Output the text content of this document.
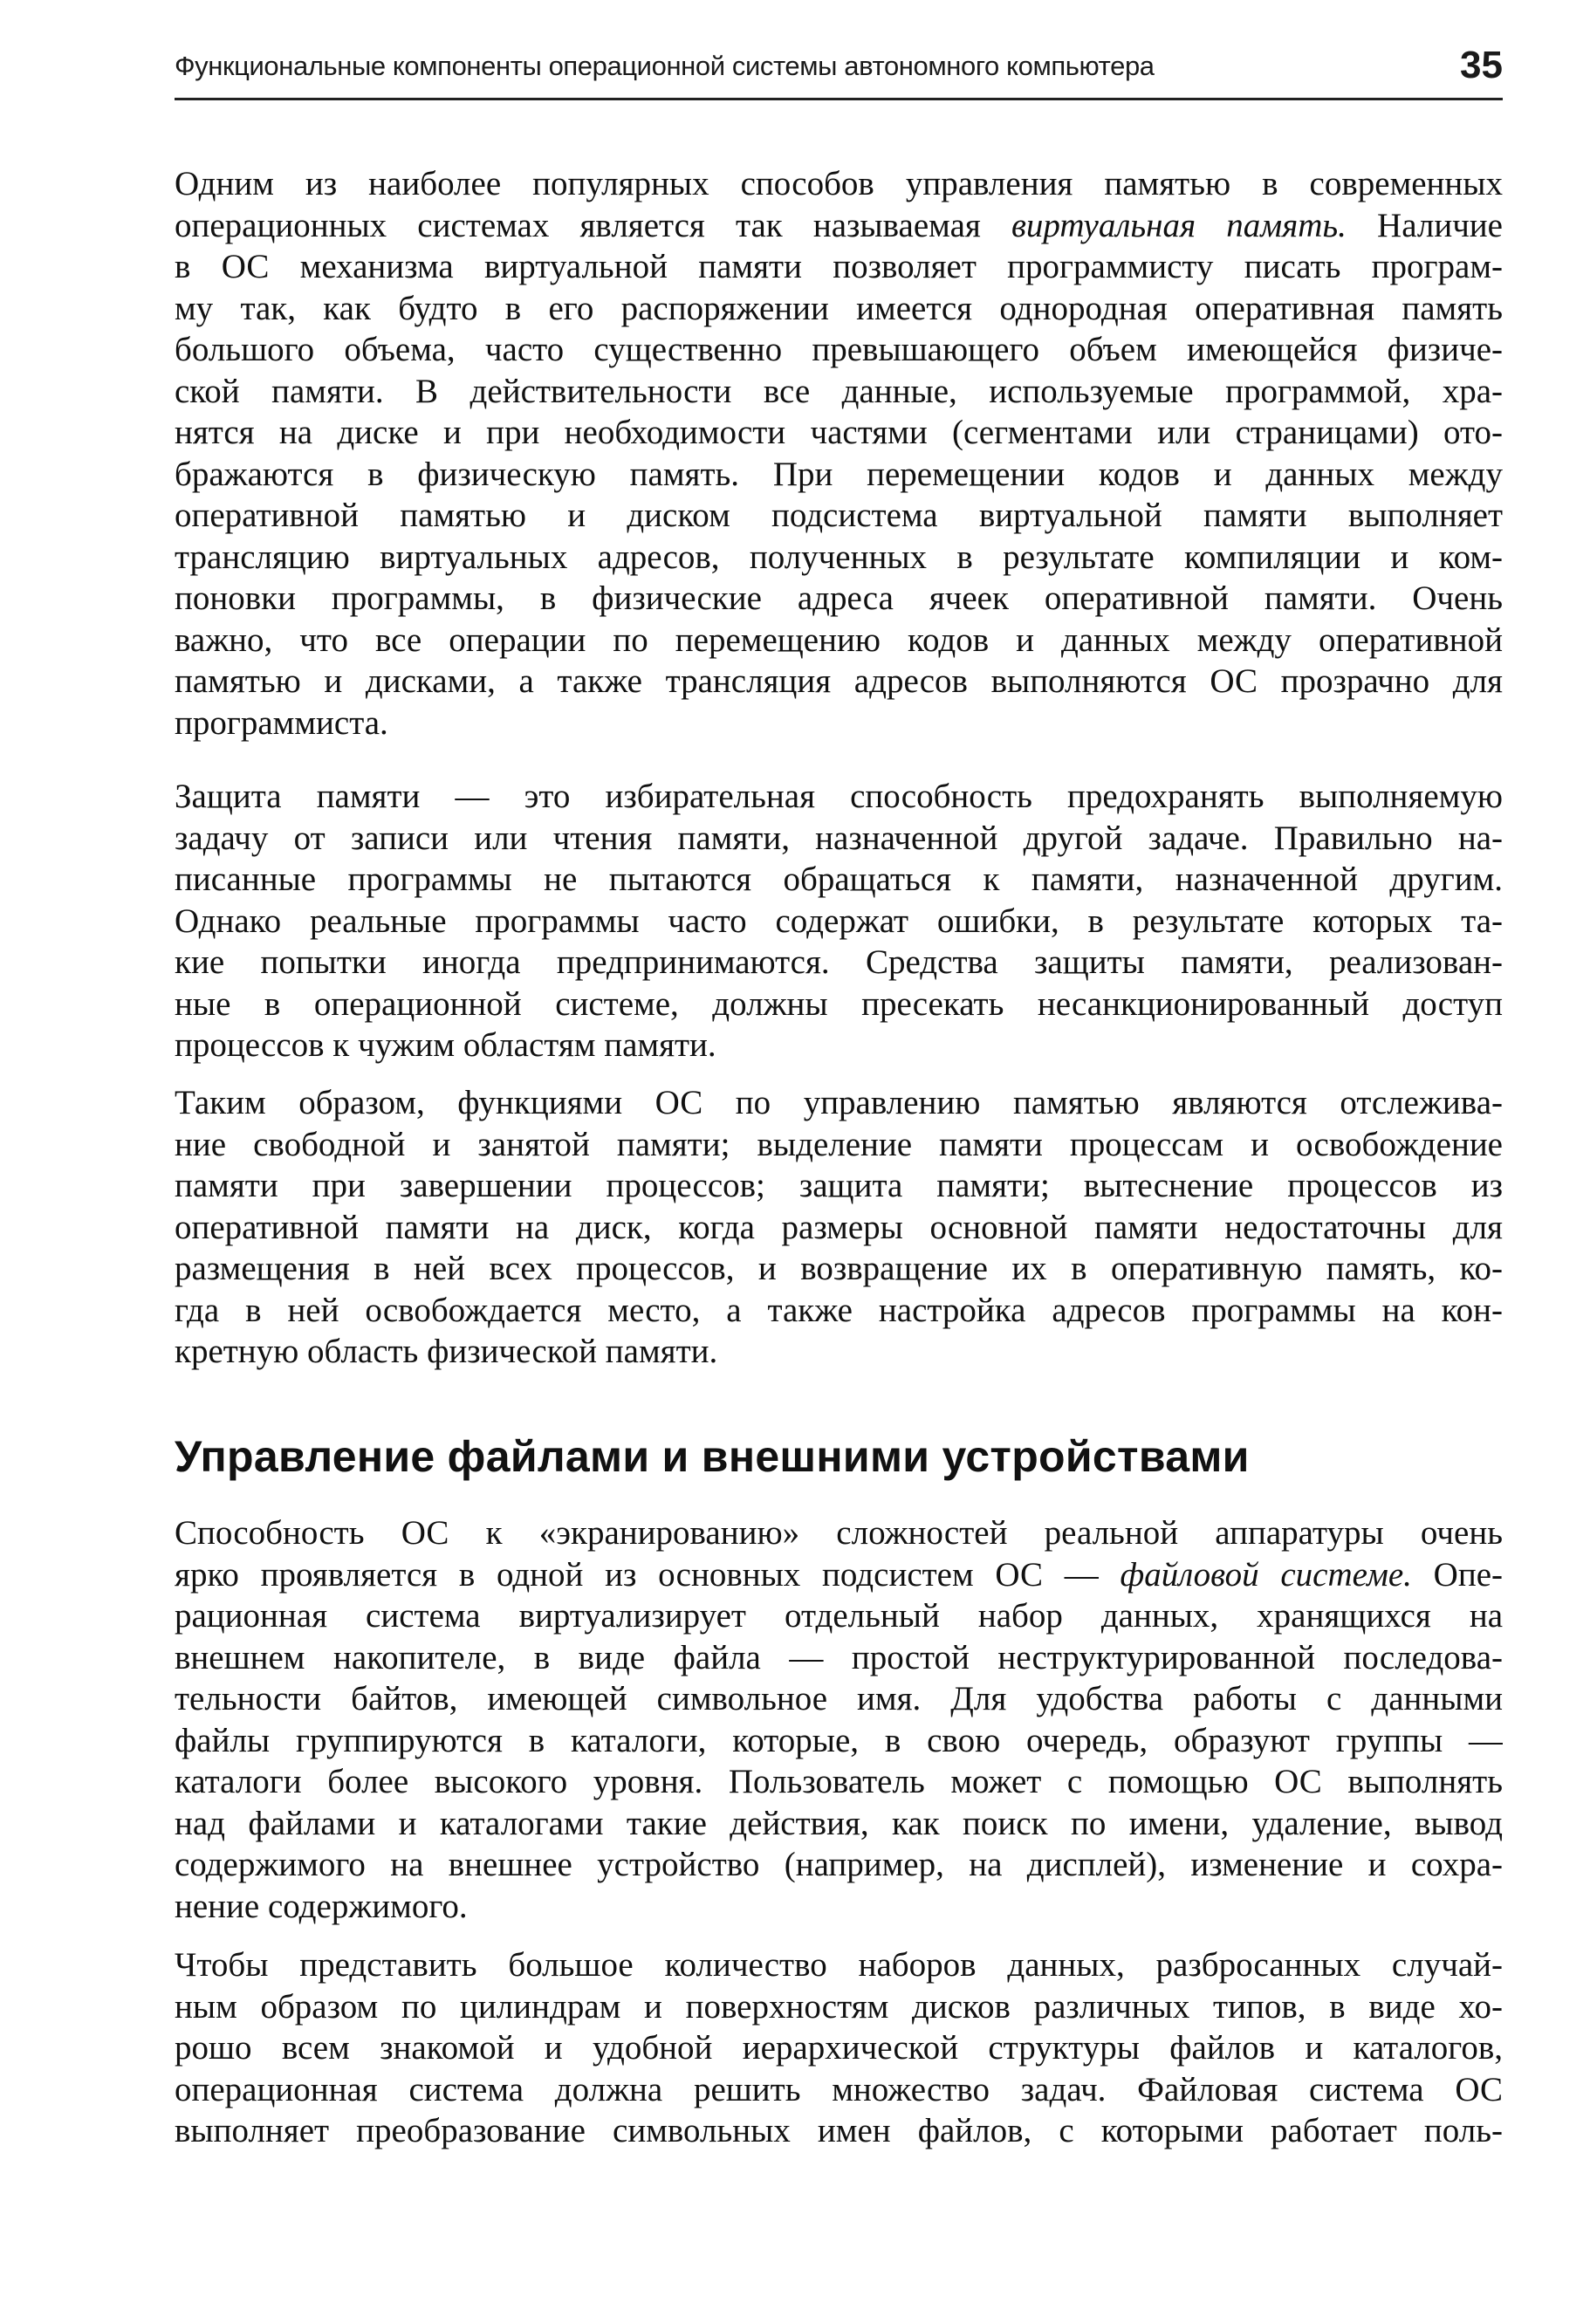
Функциональные компоненты операционной системы автономного компьютера	35
Одним из наиболее популярных способов управления памятью в современных
операционных системах является так называемая виртуальная память. Наличие
в ОС механизма виртуальной памяти позволяет программисту писать програм-
му так, как будто в его распоряжении имеется однородная оперативная память
большого объема, часто существенно превышающего объем имеющейся физиче-
ской памяти. В действительности все данные, используемые программой, хра-
нятся на диске и при необходимости частями (сегментами или страницами) ото-
бражаются в физическую память. При перемещении кодов и данных между
оперативной памятью и диском подсистема виртуальной памяти выполняет
трансляцию виртуальных адресов, полученных в результате компиляции и ком-
поновки программы, в физические адреса ячеек оперативной памяти. Очень
важно, что все операции по перемещению кодов и данных между оперативной
памятью и дисками, а также трансляция адресов выполняются ОС прозрачно для
программиста.
Защита памяти — это избирательная способность предохранять выполняемую
задачу от записи или чтения памяти, назначенной другой задаче. Правильно на-
писанные программы не пытаются обращаться к памяти, назначенной другим.
Однако реальные программы часто содержат ошибки, в результате которых та-
кие попытки иногда предпринимаются. Средства защиты памяти, реализован-
ные в операционной системе, должны пресекать несанкционированный доступ
процессов к чужим областям памяти.
Таким образом, функциями ОС по управлению памятью являются отслежива-
ние свободной и занятой памяти; выделение памяти процессам и освобождение
памяти при завершении процессов; защита памяти; вытеснение процессов из
оперативной памяти на диск, когда размеры основной памяти недостаточны для
размещения в ней всех процессов, и возвращение их в оперативную память, ко-
гда в ней освобождается место, а также настройка адресов программы на кон-
кретную область физической памяти.
Управление файлами и внешними устройствами
Способность ОС к «экранированию» сложностей реальной аппаратуры очень
ярко проявляется в одной из основных подсистем ОС — файловой системе. Опе-
рационная система виртуализирует отдельный набор данных, хранящихся на
внешнем накопителе, в виде файла — простой неструктурированной последова-
тельности байтов, имеющей символьное имя. Для удобства работы с данными
файлы группируются в каталоги, которые, в свою очередь, образуют группы —
каталоги более высокого уровня. Пользователь может с помощью ОС выполнять
над файлами и каталогами такие действия, как поиск по имени, удаление, вывод
содержимого на внешнее устройство (например, на дисплей), изменение и сохра-
нение содержимого.
Чтобы представить большое количество наборов данных, разбросанных случай-
ным образом по цилиндрам и поверхностям дисков различных типов, в виде хо-
рошо всем знакомой и удобной иерархической структуры файлов и каталогов,
операционная система должна решить множество задач. Файловая система ОС
выполняет преобразование символьных имен файлов, с которыми работает поль-
